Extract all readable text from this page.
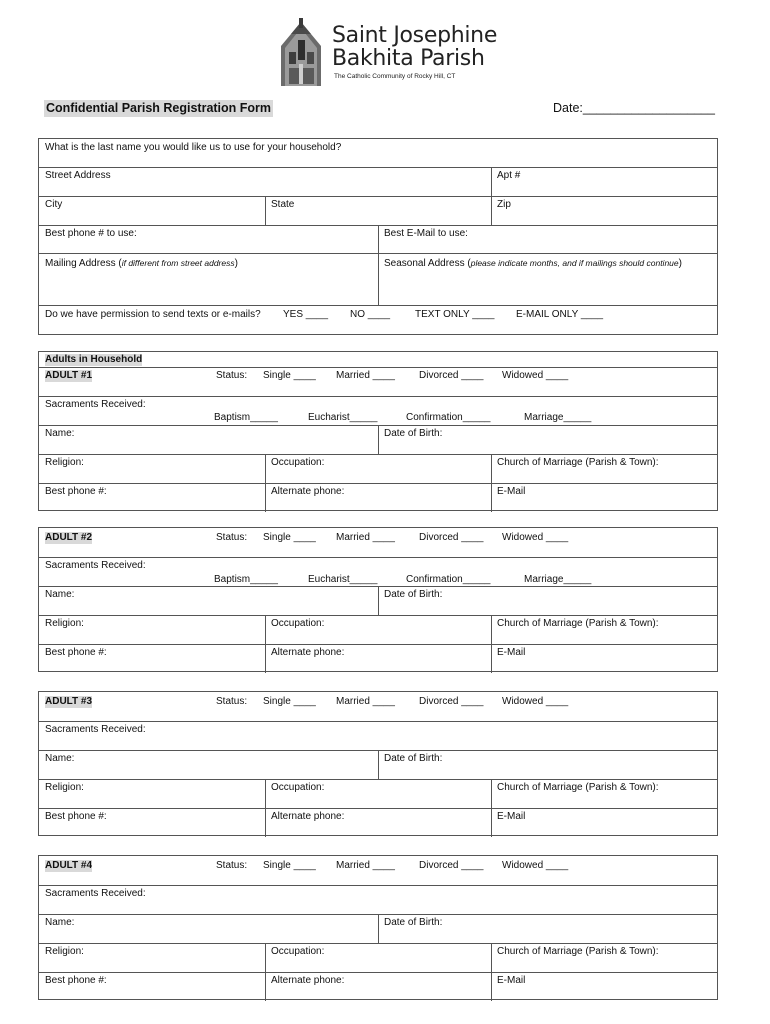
Saint Josephine
Bakhita Parish
The Catholic Community of Rocky Hill, CT
Confidential Parish Registration Form	Date:___________________
What is the last name you would like us to use for your household?
Street Address	Apt #
City	State	Zip
Best phone # to use:	Best E-Mail to use:
Mailing Address (if different from street address)	Seasonal Address (please indicate months, and if mailings should continue)
Do we have permission to send texts or e-mails? YES ____ NO ____ TEXT ONLY ____ E-MAIL ONLY ____
Adults in Household
ADULT #1	Status: Single ____ Married ____ Divorced ____ Widowed ____
Sacraments Received:
Baptism_____	Eucharist_____	Confirmation_____	Marriage_____
Name:	Date of Birth:
Religion:	Occupation:	Church of Marriage (Parish & Town):
Best phone #:	Alternate phone:	E-Mail
ADULT #2	Status: Single ____ Married ____ Divorced ____ Widowed ____
Sacraments Received:
Baptism_____	Eucharist_____	Confirmation_____	Marriage_____
Name:	Date of Birth:
Religion:	Occupation:	Church of Marriage (Parish & Town):
Best phone #:	Alternate phone:	E-Mail
ADULT #3	Status: Single ____ Married ____ Divorced ____ Widowed ____
Sacraments Received:
Name:	Date of Birth:
Religion:	Occupation:	Church of Marriage (Parish & Town):
Best phone #:	Alternate phone:	E-Mail
ADULT #4	Status: Single ____ Married ____ Divorced ____ Widowed ____
Sacraments Received:
Name:	Date of Birth:
Religion:	Occupation:	Church of Marriage (Parish & Town):
Best phone #:	Alternate phone:	E-Mail
